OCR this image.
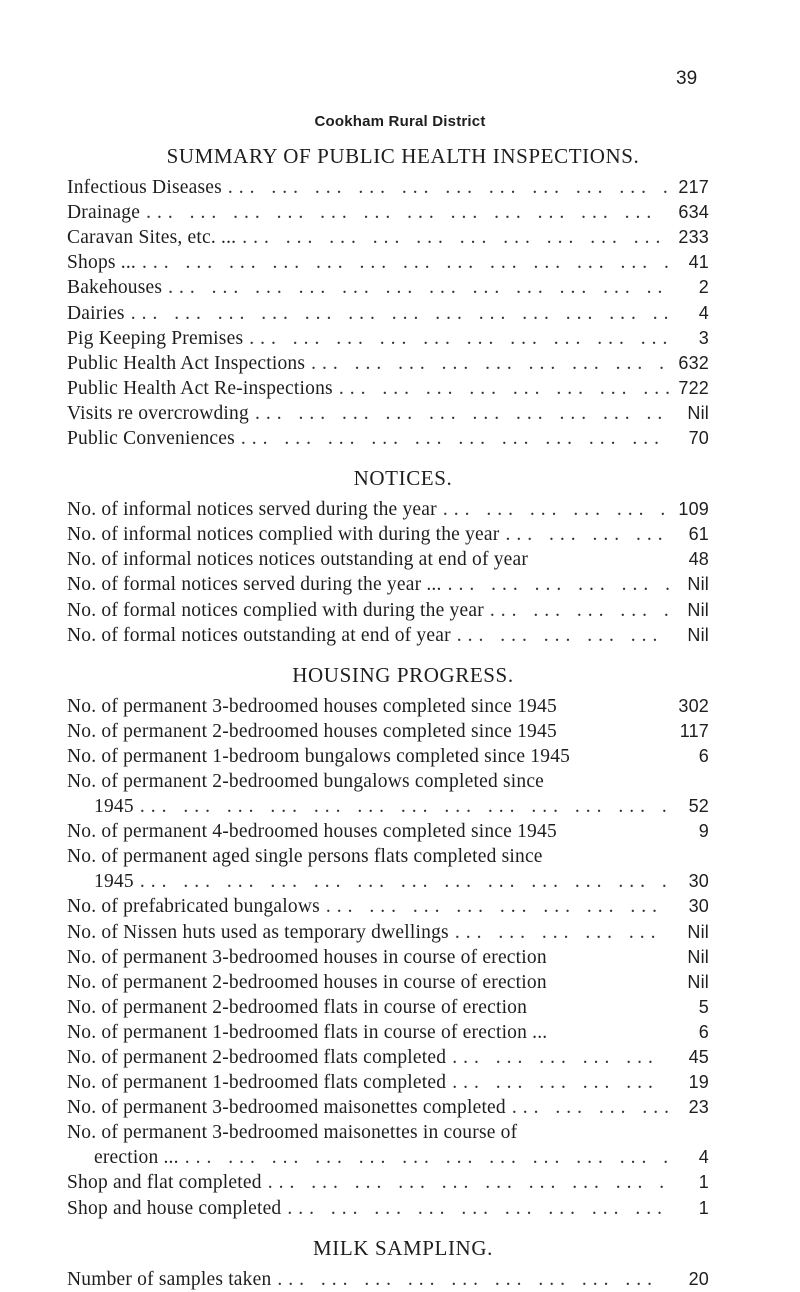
39
Cookham Rural District
SUMMARY OF PUBLIC HEALTH INSPECTIONS.
Infectious Diseases ... .	217
Drainage ... .	634
Caravan Sites, etc. ... ... .	233
Shops ... ... .	41
Bakehouses ... .	2
Dairies ... .	4
Pig Keeping Premises ... .	3
Public Health Act Inspections ... .	632
Public Health Act Re-inspections ... .	722
Visits re overcrowding ... .	Nil
Public Conveniences ... .	70
NOTICES.
No. of informal notices served during the year ... .	109
No. of informal notices complied with during the year ... .	61
No. of informal notices notices outstanding at end of year	48
No. of formal notices served during the year ... ... .	Nil
No. of formal notices complied with during the year ... .	Nil
No. of formal notices outstanding at end of year ... .	Nil
HOUSING PROGRESS.
No. of permanent 3-bedroomed houses completed since 1945	302
No. of permanent 2-bedroomed houses completed since 1945	117
No. of permanent 1-bedroom bungalows completed since 1945	6
No. of permanent 2-bedroomed bungalows completed since
1945 ... .	52
No. of permanent 4-bedroomed houses completed since 1945	9
No. of permanent aged single persons flats completed since
1945 ... .	30
No. of prefabricated bungalows ... .	30
No. of Nissen huts used as temporary dwellings ... .	Nil
No. of permanent 3-bedroomed houses in course of erection	Nil
No. of permanent 2-bedroomed houses in course of erection	Nil
No. of permanent 2-bedroomed flats in course of erection	5
No. of permanent 1-bedroomed flats in course of erection ...	6
No. of permanent 2-bedroomed flats completed ... .	45
No. of permanent 1-bedroomed flats completed ... .	19
No. of permanent 3-bedroomed maisonettes completed ... .	23
No. of permanent 3-bedroomed maisonettes in course of
erection ... ... .	4
Shop and flat completed ... .	1
Shop and house completed ... .	1
MILK SAMPLING.
Number of samples taken ... .	20
